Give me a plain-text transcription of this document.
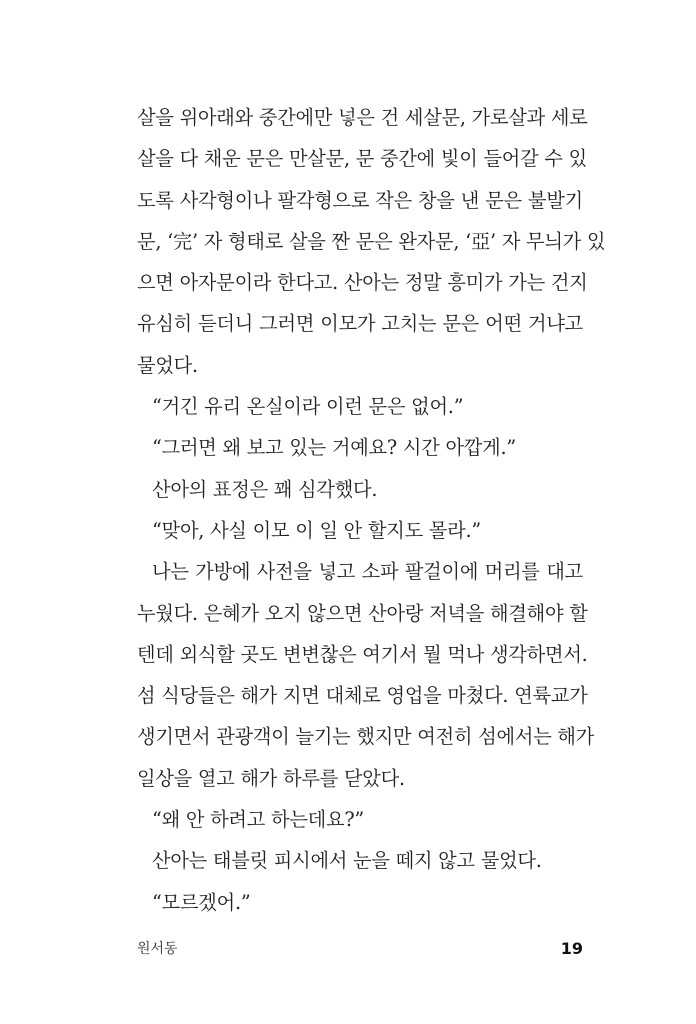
살을 위아래와 중간에만 넣은 건 세살문, 가로살과 세로
살을 다 채운 문은 만살문, 문 중간에 빛이 들어갈 수 있
도록 사각형이나 팔각형으로 작은 창을 낸 문은 불발기
문, ‘完’ 자 형태로 살을 짠 문은 완자문, ‘亞’ 자 무늬가 있
으면 아자문이라 한다고. 산아는 정말 흥미가 가는 건지
유심히 듣더니 그러면 이모가 고치는 문은 어떤 거냐고
물었다.
“거긴 유리 온실이라 이런 문은 없어.”
“그러면 왜 보고 있는 거예요? 시간 아깝게.”
산아의 표정은 꽤 심각했다.
“맞아, 사실 이모 이 일 안 할지도 몰라.”
나는 가방에 사전을 넣고 소파 팔걸이에 머리를 대고
누웠다. 은혜가 오지 않으면 산아랑 저녁을 해결해야 할
텐데 외식할 곳도 변변찮은 여기서 뭘 먹나 생각하면서.
섬 식당들은 해가 지면 대체로 영업을 마쳤다. 연륙교가
생기면서 관광객이 늘기는 했지만 여전히 섬에서는 해가
일상을 열고 해가 하루를 닫았다.
“왜 안 하려고 하는데요?”
산아는 태블릿 피시에서 눈을 떼지 않고 물었다.
“모르겠어.”
원서동	19
